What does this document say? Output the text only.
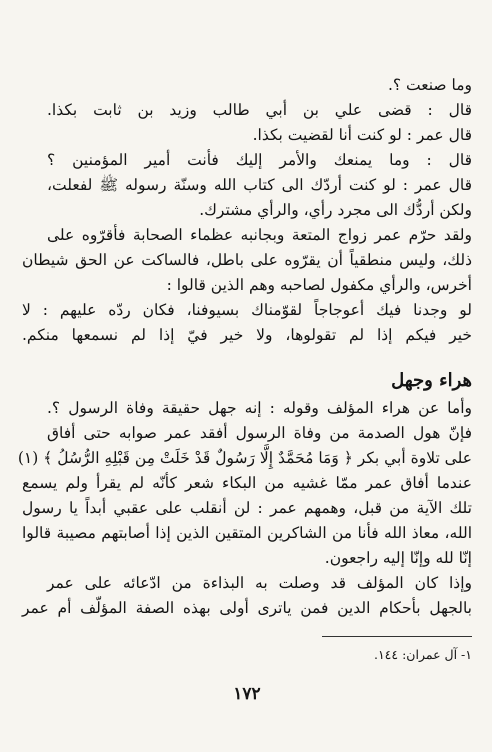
وما صنعت ؟.
قال : قضى علي بن أبي طالب وزيد بن ثابت بكذا.
قال عمر : لو كنت أنا لقضيت بكذا.
قال : وما يمنعك والأمر إليك فأنت أمير المؤمنين ؟
قال عمر : لو كنت أردّك الى كتاب الله وسنّة رسوله ﷺ لفعلت،
ولكن أردُّك الى مجرد رأي، والرأي مشترك.
ولقد حرّم عمر زواج المتعة وبجانبه عظماء الصحابة فأقرّوه على
ذلك، وليس منطقياً أن يقرّوه على باطل، فالساكت عن الحق شيطان
أخرس، والرأي مكفول لصاحبه وهم الذين قالوا :
لو وجدنا فيك أعوجاجاً لقوّمناك بسيوفنا، فكان ردّه عليهم : لا
خير فيكم إذا لم تقولوها، ولا خير فيّ إذا لم نسمعها منكم.
هراء وجهل
وأما عن هراء المؤلف وقوله : إنه جهل حقيقة وفاة الرسول ؟.
فإنّ هول الصدمة من وفاة الرسول أفقد عمر صوابه حتى أفاق
على تلاوة أبي بكر ﴿ وَمَا مُحَمَّدٌ إِلَّا رَسُولٌ قَدْ خَلَتْ مِن قَبْلِهِ الرُّسُلُ ﴾ (١)
عندما أفاق عمر ممّا غشيه من البكاء شعر كأنّه لم يقرأ ولم يسمع
تلك الآية من قبل، وهمهم عمر : لن أنقلب على عقبي أبداً يا رسول
الله، معاذ الله فأنا من الشاكرين المتقين الذين إذا أصابتهم مصيبة قالوا
إنّا لله وإنّا إليه راجعون.
وإذا كان المؤلف قد وصلت به البذاءة من ادّعائه على عمر
بالجهل بأحكام الدين فمن ياترى أولى بهذه الصفة المؤلّف أم عمر
١- آل عمران: ١٤٤.
١٧٢
